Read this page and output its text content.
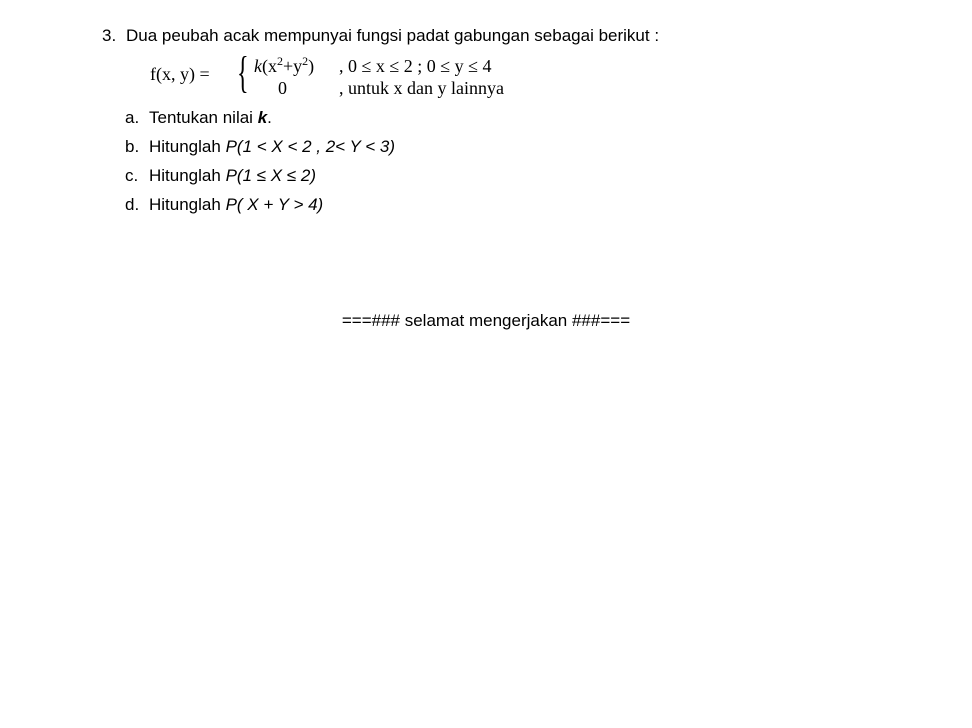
3. Dua peubah acak mempunyai fungsi padat gabungan sebagai berikut :
f(x, y) = { $k(x^2+y^2)$ , 0 ≤ x ≤ 2 ; 0 ≤ y ≤ 4
0	, untuk x dan y lainnya
a. Tentukan nilai k.
b. Hitunglah P(1 < X < 2 , 2< Y < 3)
c. Hitunglah P(1 ≤ X ≤ 2)
d. Hitunglah P( X + Y > 4)
===### selamat mengerjakan ###===
